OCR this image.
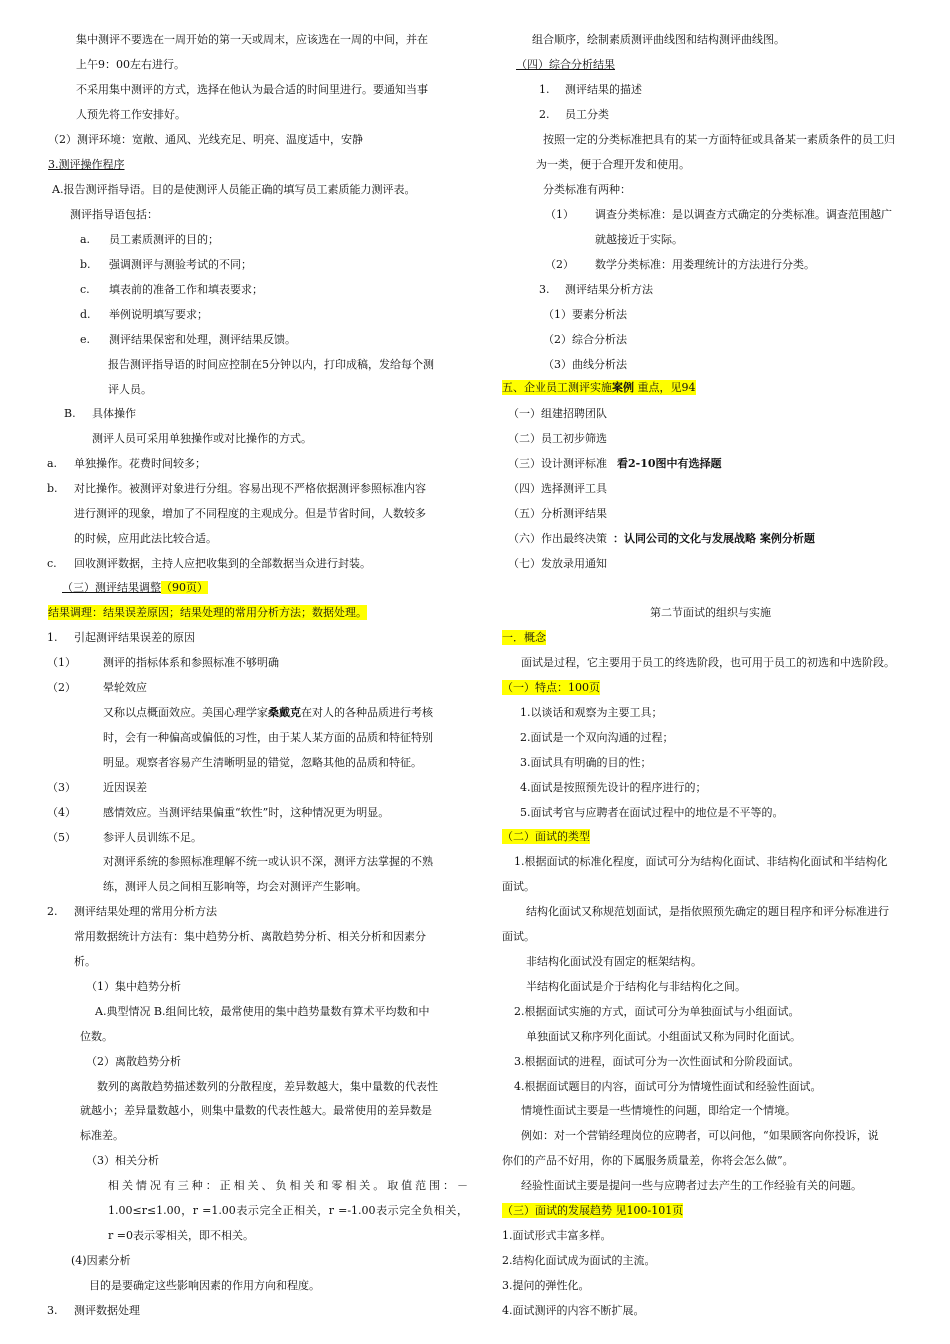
集中测评不要选在一周开始的第一天或周末，应该选在一周的中间，并在
上午9：00左右进行。
不采用集中测评的方式，选择在他认为最合适的时间里进行。要通知当事
人预先将工作安排好。
（2）测评环境：宽敞、通风、光线充足、明亮、温度适中，安静
3.测评操作程序
A.报告测评指导语。目的是使测评人员能正确的填写员工素质能力测评表。
测评指导语包括：
a. 员工素质测评的目的；
b. 强调测评与测验考试的不同；
c. 填表前的准备工作和填表要求；
d. 举例说明填写要求；
e. 测评结果保密和处理，测评结果反馈。
报告测评指导语的时间应控制在5分钟以内，打印成稿，发给每个测
评人员。
B. 具体操作
测评人员可采用单独操作或对比操作的方式。
a. 单独操作。花费时间较多；
b. 对比操作。被测评对象进行分组。容易出现不严格依据测评参照标准内容
进行测评的现象，增加了不同程度的主观成分。但是节省时间，人数较多
的时候，应用此法比较合适。
c. 回收测评数据，主持人应把收集到的全部数据当众进行封装。
（三）测评结果调整（90页）
结果调理：结果误差原因；结果处理的常用分析方法；数据处理。
1. 引起测评结果误差的原因
（1） 测评的指标体系和参照标准不够明确
（2） 晕轮效应
又称以点概面效应。美国心理学家桑戴克在对人的各种品质进行考核
时，会有一种偏高或偏低的习性，由于某人某方面的品质和特征特别
明显。观察者容易产生清晰明显的错觉，忽略其他的品质和特征。
（3） 近因误差
（4） 感情效应。当测评结果偏重“软性”时，这种情况更为明显。
（5） 参评人员训练不足。
对测评系统的参照标准理解不统一或认识不深，测评方法掌握的不熟
练，测评人员之间相互影响等，均会对测评产生影响。
2. 测评结果处理的常用分析方法
常用数据统计方法有：集中趋势分析、离散趋势分析、相关分析和因素分
析。
（1）集中趋势分析
A.典型情况 B.组间比较，最常使用的集中趋势量数有算术平均数和中
位数。
（2）离散趋势分析
数列的离散趋势描述数列的分散程度，差异数越大，集中量数的代表性
就越小；差异量数越小，则集中量数的代表性越大。最常使用的差异数是
标准差。
（3）相关分析
相关情况有三种：正相关、负相关和零相关。取值范围：－
1.00≤r≤1.00，r =1.00表示完全正相关，r =-1.00表示完全负相关，
r =0表示零相关，即不相关。
(4)因素分析
目的是要确定这些影响因素的作用方向和程度。
3. 测评数据处理
组合顺序，绘制素质测评曲线图和结构测评曲线图。
（四）综合分析结果
1. 测评结果的描述
2. 员工分类
按照一定的分类标准把具有的某一方面特征或具备某一素质条件的员工归
为一类，便于合理开发和使用。
分类标准有两种：
（1） 调查分类标准：是以调查方式确定的分类标准。调查范围越广
就越接近于实际。
（2） 数学分类标准：用娄理统计的方法进行分类。
3. 测评结果分析方法
（1）要素分析法
（2）综合分析法
（3）曲线分析法
五、企业员工测评实施案例 重点，见94
（一）组建招聘团队
（二）员工初步筛选
（三）设计测评标准 看2-10图中有选择题
（四）选择测评工具
（五）分析测评结果
（六）作出最终决策 ：认同公司的文化与发展战略 案例分析题
（七）发放录用通知
第二节面试的组织与实施
一．概念
面试是过程，它主要用于员工的终选阶段，也可用于员工的初选和中选阶段。
（一）特点：100页
1.以谈话和观察为主要工具；
2.面试是一个双向沟通的过程；
3.面试具有明确的目的性；
4.面试是按照预先设计的程序进行的；
5.面试考官与应聘者在面试过程中的地位是不平等的。
（二）面试的类型
1.根据面试的标准化程度，面试可分为结构化面试、非结构化面试和半结构化
面试。
结构化面试又称规范划面试，是指依照预先确定的题目程序和评分标准进行
面试。
非结构化面试没有固定的框架结构。
半结构化面试是介于结构化与非结构化之间。
2.根据面试实施的方式，面试可分为单独面试与小组面试。
单独面试又称序列化面试。小组面试又称为同时化面试。
3.根据面试的进程，面试可分为一次性面试和分阶段面试。
4.根据面试题目的内容，面试可分为情境性面试和经验性面试。
情境性面试主要是一些情境性的问题，即给定一个情境。
例如：对一个营销经理岗位的应聘者，可以问他，“如果顾客向你投诉，说
你们的产品不好用，你的下属服务质量差，你将会怎么做”。
经验性面试主要是提问一些与应聘者过去产生的工作经验有关的问题。
（三）面试的发展趋势 见100-101页
1.面试形式丰富多样。
2.结构化面试成为面试的主流。
3.提问的弹性化。
4.面试测评的内容不断扩展。
